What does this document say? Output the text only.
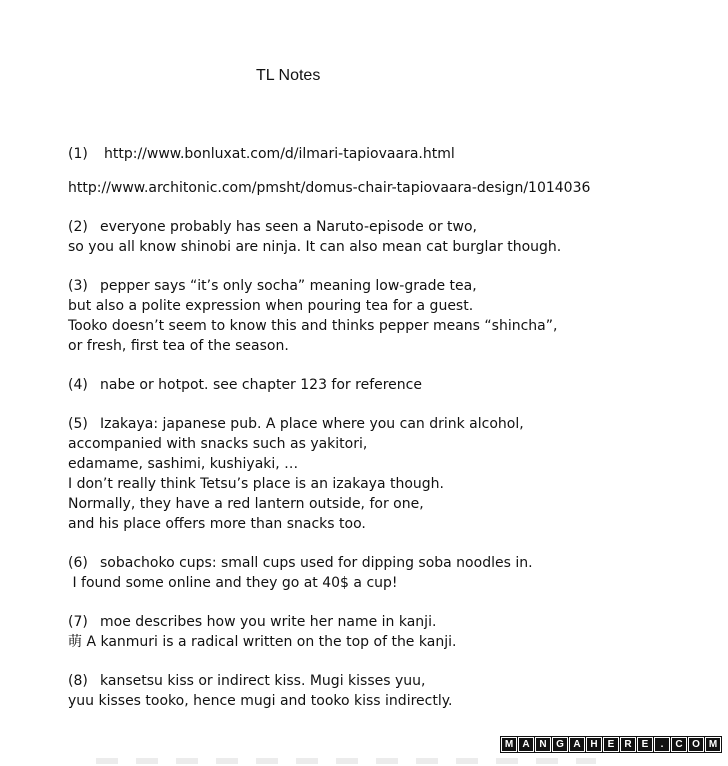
TL Notes
(1) http://www.bonluxat.com/d/ilmari-tapiovaara.html
http://www.architonic.com/pmsht/domus-chair-tapiovaara-design/1014036
(2) everyone probably has seen a Naruto-episode or two,
so you all know shinobi are ninja. It can also mean cat burglar though.
(3) pepper says “it’s only socha” meaning low-grade tea,
but also a polite expression when pouring tea for a guest.
Tooko doesn’t seem to know this and thinks pepper means “shincha”,
or fresh, first tea of the season.
(4) nabe or hotpot. see chapter 123 for reference
(5) Izakaya: japanese pub. A place where you can drink alcohol,
accompanied with snacks such as yakitori,
edamame, sashimi, kushiyaki, …
I don’t really think Tetsu’s place is an izakaya though.
Normally, they have a red lantern outside, for one,
and his place offers more than snacks too.
(6) sobachoko cups: small cups used for dipping soba noodles in.
I found some online and they go at 40$ a cup!
(7) moe describes how you write her name in kanji.
萌 A kanmuri is a radical written on the top of the kanji.
(8) kansetsu kiss or indirect kiss. Mugi kisses yuu,
yuu kisses tooko, hence mugi and tooko kiss indirectly.
M A N G A H	E	R	E	.	C O M
